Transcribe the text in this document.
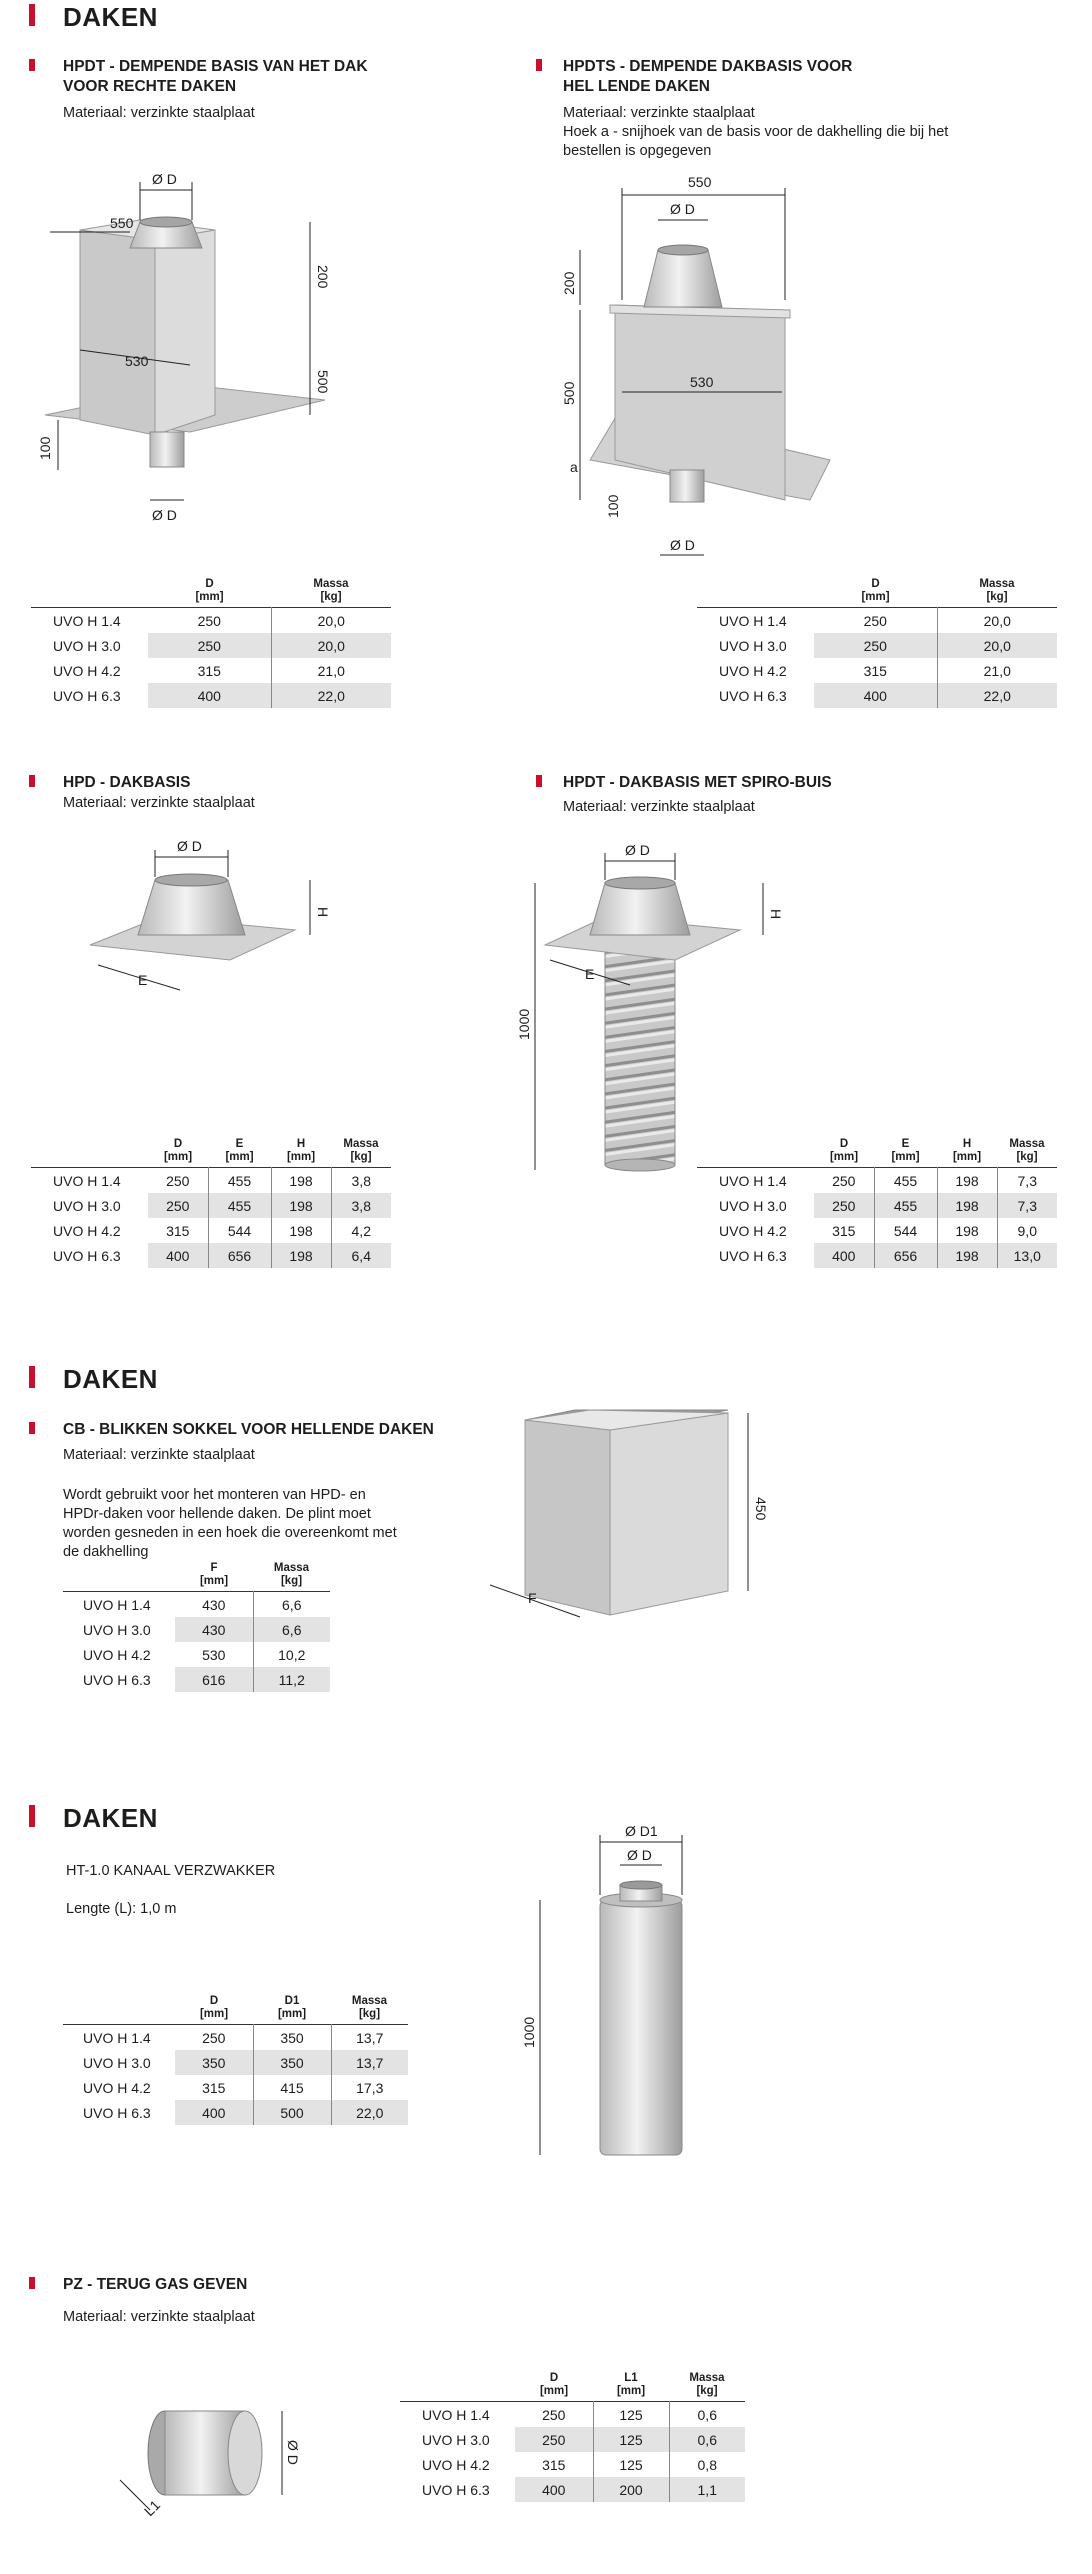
DAKEN
HPDT - DEMPENDE BASIS VAN HET DAK VOOR RECHTE DAKEN
Materiaal: verzinkte staalplaat
Ø D
550
200
500
530
100
Ø D
	D
[mm]	Massa
[kg]
UVO H 1.4	250	20,0
UVO H 3.0	250	20,0
UVO H 4.2	315	21,0
UVO H 6.3	400	22,0
HPDTS - DEMPENDE DAKBASIS VOOR HEL LENDE DAKEN
Materiaal: verzinkte staalplaat
Hoek a - snijhoek van de basis voor de dakhelling die bij het bestellen is opgegeven
550
Ø D
200
500	530
a
100
Ø D
	D
[mm]	Massa
[kg]
UVO H 1.4	250	20,0
UVO H 3.0	250	20,0
UVO H 4.2	315	21,0
UVO H 6.3	400	22,0
HPD - DAKBASIS
Materiaal: verzinkte staalplaat
Ø D
H
E
	D
[mm]	E
[mm]	H
[mm]	Massa
[kg]
UVO H 1.4	250	455	198	3,8
UVO H 3.0	250	455	198	3,8
UVO H 4.2	315	544	198	4,2
UVO H 6.3	400	656	198	6,4
HPDT - DAKBASIS MET SPIRO-BUIS
Materiaal: verzinkte staalplaat
Ø D
H
1000
E
	D
[mm]	E
[mm]	H
[mm]	Massa
[kg]
UVO H 1.4	250	455	198	7,3
UVO H 3.0	250	455	198	7,3
UVO H 4.2	315	544	198	9,0
UVO H 6.3	400	656	198	13,0
DAKEN
CB - BLIKKEN SOKKEL VOOR HELLENDE DAKEN
Materiaal: verzinkte staalplaat
Wordt gebruikt voor het monteren van HPD- en HPDr-daken voor hellende daken. De plint moet worden gesneden in een hoek die overeenkomt met de dakhelling
	F
[mm]	Massa
[kg]
UVO H 1.4	430	6,6
UVO H 3.0	430	6,6
UVO H 4.2	530	10,2
UVO H 6.3	616	11,2
450
F
DAKEN
HT-1.0 KANAAL VERZWAKKER
Lengte (L): 1,0 m
	D
[mm]	D1
[mm]	Massa
[kg]
UVO H 1.4	250	350	13,7
UVO H 3.0	350	350	13,7
UVO H 4.2	315	415	17,3
UVO H 6.3	400	500	22,0
Ø D1
Ø D
1000
PZ - TERUG GAS GEVEN
Materiaal: verzinkte staalplaat
Ø D
L1
	D
[mm]	L1
[mm]	Massa
[kg]
UVO H 1.4	250	125	0,6
UVO H 3.0	250	125	0,6
UVO H 4.2	315	125	0,8
UVO H 6.3	400	200	1,1
